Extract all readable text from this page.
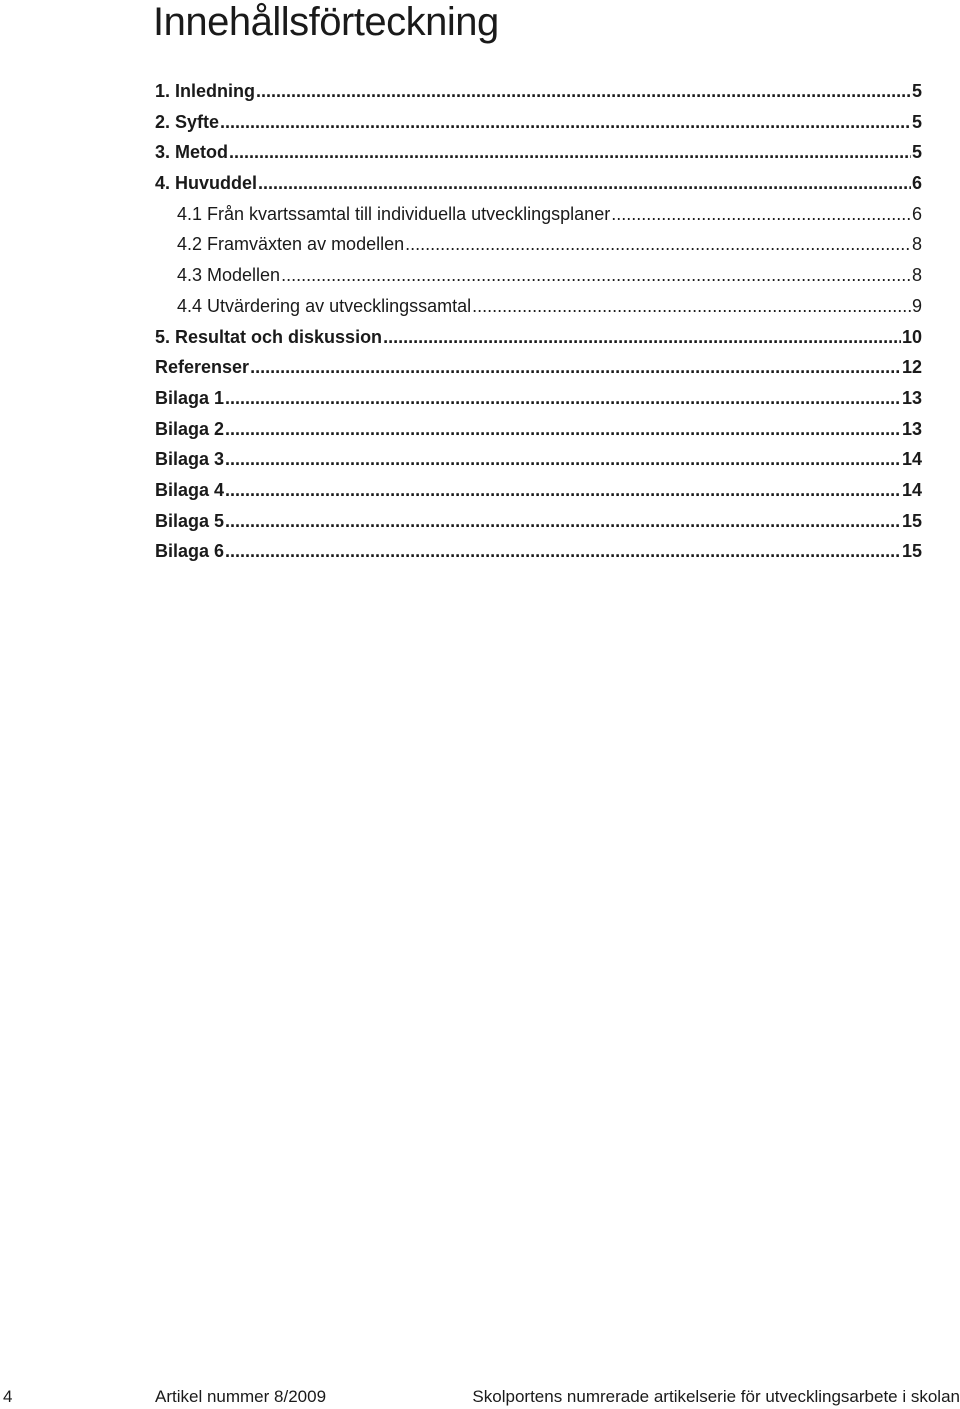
Innehållsförteckning
1. Inledning .....	5
2. Syfte .....	5
3. Metod .....	5
4. Huvuddel .....	6
4.1 Från kvartssamtal till individuella utvecklingsplaner .....	6
4.2 Framväxten av modellen .....	8
4.3 Modellen .....	8
4.4 Utvärdering av utvecklingssamtal .....	9
5. Resultat och diskussion .....	10
Referenser .....	12
Bilaga 1 .....	13
Bilaga 2 .....	13
Bilaga 3 .....	14
Bilaga 4 .....	14
Bilaga 5 .....	15
Bilaga 6 .....	15
4	Artikel nummer 8/2009	Skolportens numrerade artikelserie för utvecklingsarbete i skolan
